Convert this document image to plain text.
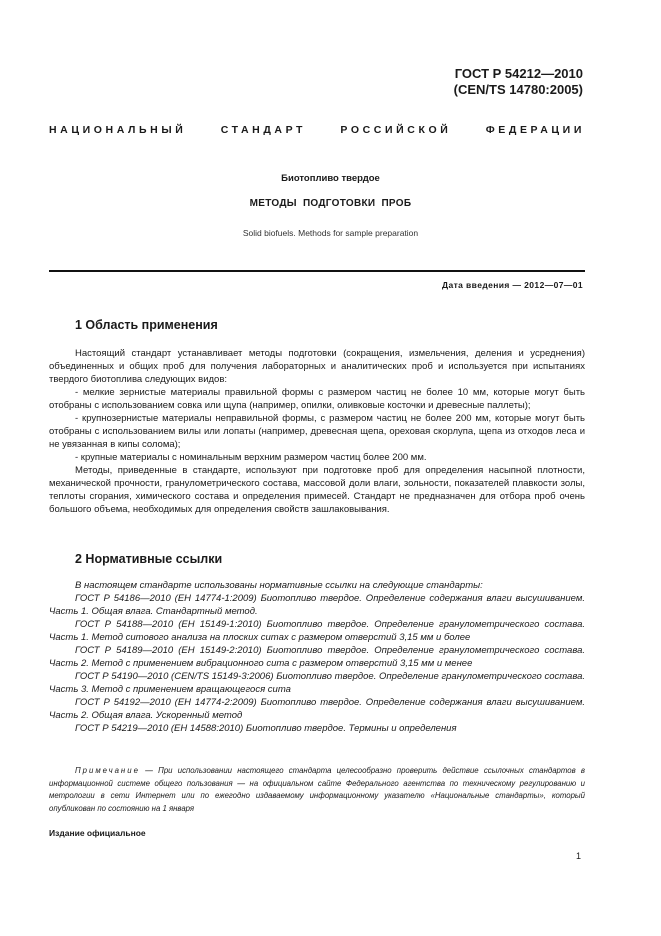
ГОСТ Р 54212—2010
(CEN/TS 14780:2005)
НАЦИОНАЛЬНЫЙ	СТАНДАРТ	РОССИЙСКОЙ	ФЕДЕРАЦИИ
Биотопливо твердое
МЕТОДЫ ПОДГОТОВКИ ПРОБ
Solid biofuels. Methods for sample preparation
Дата введения — 2012—07—01
1 Область применения

Настоящий стандарт устанавливает методы подготовки (сокращения, измельчения, деления и усреднения) объединенных и общих проб для получения лабораторных и аналитических проб и используется при испытаниях твердого биотоплива следующих видов:

- мелкие зернистые материалы правильной формы с размером частиц не более 10 мм, которые могут быть отобраны с использованием совка или щупа (например, опилки, оливковые косточки и древесные паллеты);

- крупнозернистые материалы неправильной формы, с размером частиц не более 200 мм, которые могут быть отобраны с использованием вилы или лопаты (например, древесная щепа, ореховая скорлупа, щепа из отходов леса и не увязанная в кипы солома);

- крупные материалы с номинальным верхним размером частиц более 200 мм.

Методы, приведенные в стандарте, используют при подготовке проб для определения насыпной плотности, механической прочности, гранулометрического состава, массовой доли влаги, зольности, показателей плавкости золы, теплоты сгорания, химического состава и определения примесей. Стандарт не предназначен для отбора проб очень большого объема, необходимых для определения свойств зашлаковывания.

2 Нормативные ссылки

В настоящем стандарте использованы нормативные ссылки на следующие стандарты:

ГОСТ Р 54186—2010 (ЕН 14774-1:2009) Биотопливо твердое. Определение содержания влаги высушиванием. Часть 1. Общая влага. Стандартный метод.

ГОСТ Р 54188—2010 (ЕН 15149-1:2010) Биотопливо твердое. Определение гранулометрического состава. Часть 1. Метод ситового анализа на плоских ситах с размером отверстий 3,15 мм и более

ГОСТ Р 54189—2010 (ЕН 15149-2:2010) Биотопливо твердое. Определение гранулометрического состава. Часть 2. Метод с применением вибрационного сита с размером отверстий 3,15 мм и менее

ГОСТ Р 54190—2010 (CEN/TS 15149-3:2006) Биотопливо твердое. Определение гранулометрического состава. Часть 3. Метод с применением вращающегося сита

ГОСТ Р 54192—2010 (ЕН 14774-2:2009) Биотопливо твердое. Определение содержания влаги высушиванием. Часть 2. Общая влага. Ускоренный метод

ГОСТ Р 54219—2010 (ЕН 14588:2010) Биотопливо твердое. Термины и определения

Примечание — При использовании настоящего стандарта целесообразно проверить действие ссылочных стандартов в информационной системе общего пользования — на официальном сайте Федерального агентства по техническому регулированию и метрологии в сети Интернет или по ежегодно издаваемому информационному указателю «Национальные стандарты», который опубликован по состоянию на 1 января
Издание официальное
1
